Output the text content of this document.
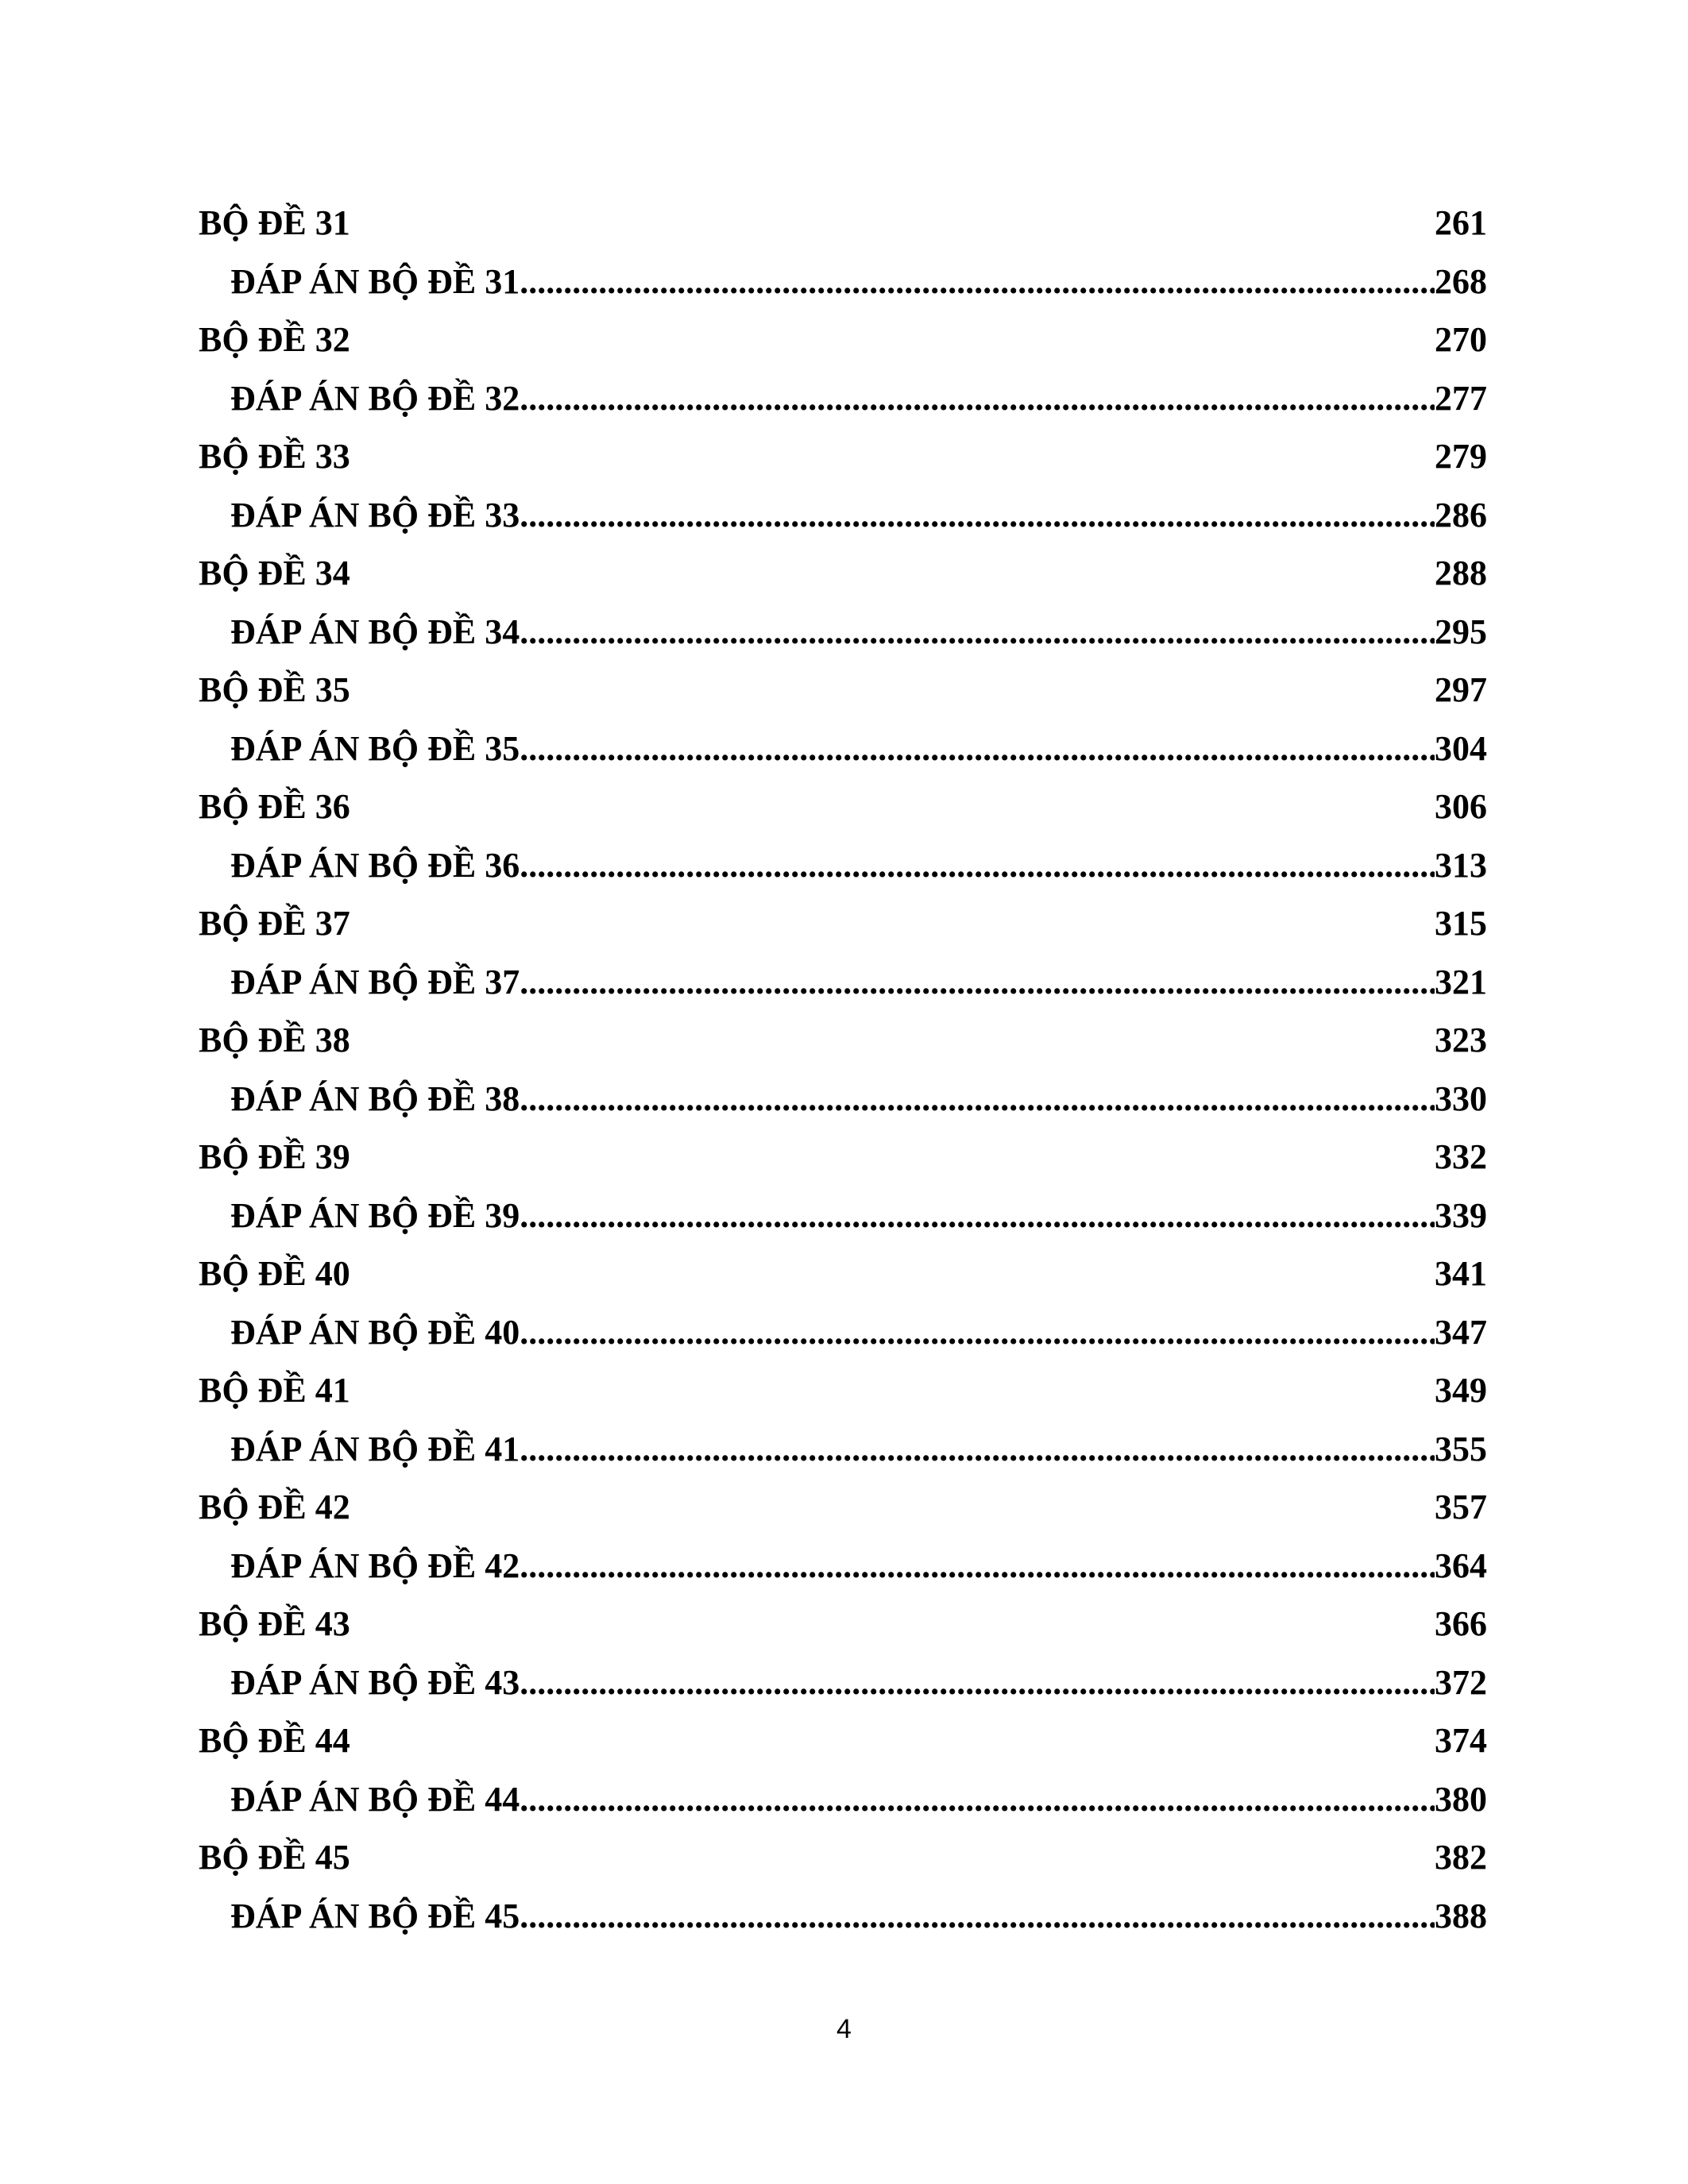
BỘ ĐỀ 31	261
ĐÁP ÁN BỘ ĐỀ 31 .....	268
BỘ ĐỀ 32	270
ĐÁP ÁN BỘ ĐỀ 32 .....	277
BỘ ĐỀ 33	279
ĐÁP ÁN BỘ ĐỀ 33 .....	286
BỘ ĐỀ 34	288
ĐÁP ÁN BỘ ĐỀ 34 .....	295
BỘ ĐỀ 35	297
ĐÁP ÁN BỘ ĐỀ 35 .....	304
BỘ ĐỀ 36	306
ĐÁP ÁN BỘ ĐỀ 36 .....	313
BỘ ĐỀ 37	315
ĐÁP ÁN BỘ ĐỀ 37 .....	321
BỘ ĐỀ 38	323
ĐÁP ÁN BỘ ĐỀ 38 .....	330
BỘ ĐỀ 39	332
ĐÁP ÁN BỘ ĐỀ 39 .....	339
BỘ ĐỀ 40	341
ĐÁP ÁN BỘ ĐỀ 40 .....	347
BỘ ĐỀ 41	349
ĐÁP ÁN BỘ ĐỀ 41 .....	355
BỘ ĐỀ 42	357
ĐÁP ÁN BỘ ĐỀ 42 .....	364
BỘ ĐỀ 43	366
ĐÁP ÁN BỘ ĐỀ 43 .....	372
BỘ ĐỀ 44	374
ĐÁP ÁN BỘ ĐỀ 44 .....	380
BỘ ĐỀ 45	382
ĐÁP ÁN BỘ ĐỀ 45 .....	388
4
